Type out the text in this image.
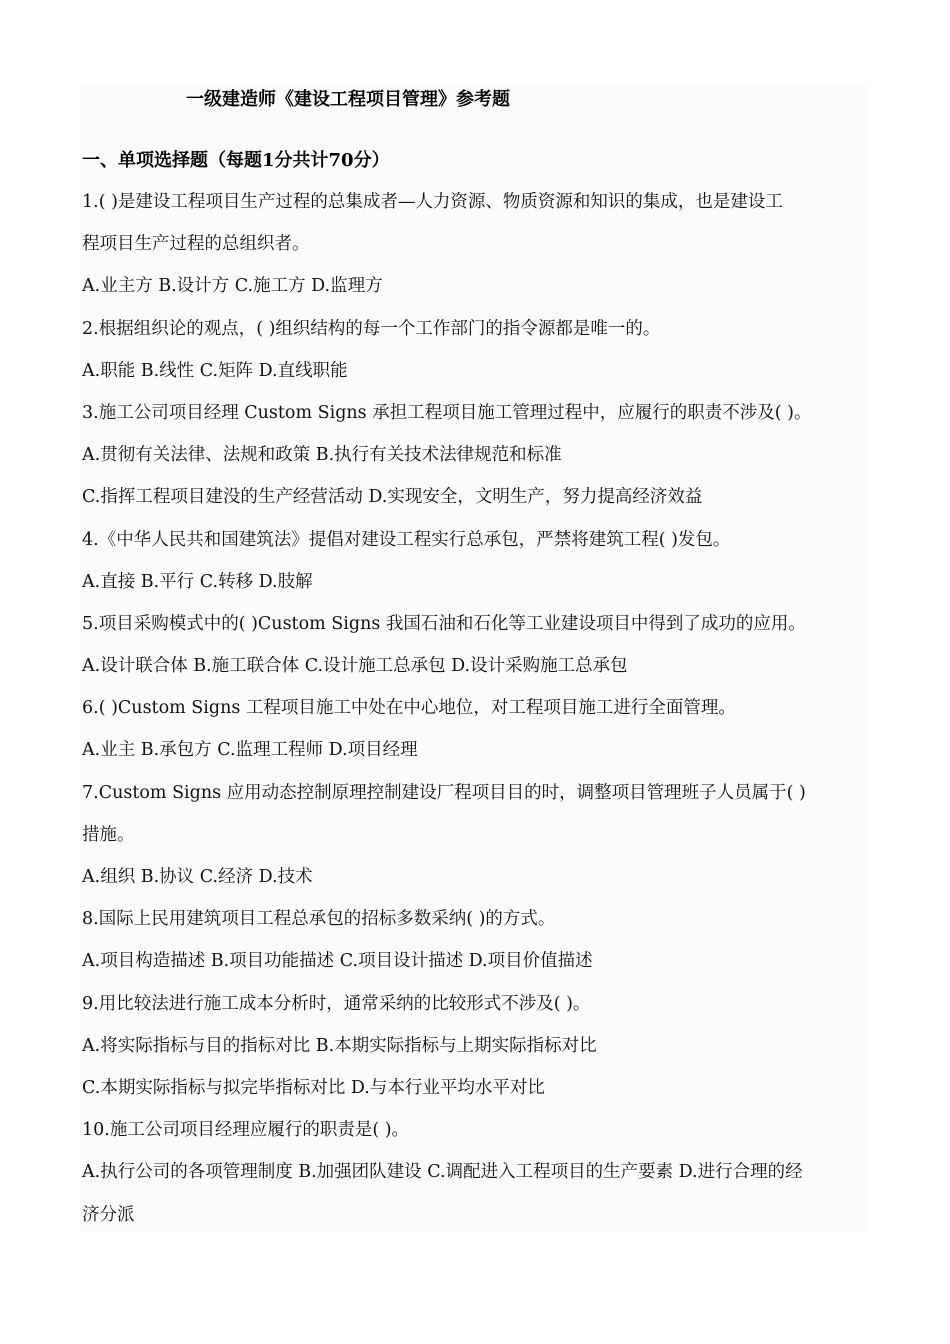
一级建造师《建设工程项目管理》参考题
一、单项选择题（每题1分共计70分）
1.( )是建设工程项目生产过程的总集成者—人力资源、物质资源和知识的集成，也是建设工
程项目生产过程的总组织者。
A.业主方 B.设计方 C.施工方 D.监理方
2.根据组织论的观点，( )组织结构的每一个工作部门的指令源都是唯一的。
A.职能 B.线性 C.矩阵 D.直线职能
3.施工公司项目经理 Custom Signs 承担工程项目施工管理过程中，应履行的职责不涉及( )。
A.贯彻有关法律、法规和政策 B.执行有关技术法律规范和标准
C.指挥工程项目建没的生产经营活动 D.实现安全，文明生产，努力提高经济效益
4.《中华人民共和国建筑法》提倡对建设工程实行总承包，严禁将建筑工程( )发包。
A.直接 B.平行 C.转移 D.肢解
5.项目采购模式中的( )Custom Signs 我国石油和石化等工业建设项目中得到了成功的应用。
A.设计联合体 B.施工联合体 C.设计施工总承包 D.设计采购施工总承包
6.( )Custom Signs 工程项目施工中处在中心地位，对工程项目施工进行全面管理。
A.业主 B.承包方 C.监理工程师 D.项目经理
7.Custom Signs 应用动态控制原理控制建设厂程项目目的时，调整项目管理班子人员属于( )
措施。
A.组织 B.协议 C.经济 D.技术
8.国际上民用建筑项目工程总承包的招标多数采纳( )的方式。
A.项目构造描述 B.项目功能描述 C.项目设计描述 D.项目价值描述
9.用比较法进行施工成本分析时，通常采纳的比较形式不涉及( )。
A.将实际指标与目的指标对比 B.本期实际指标与上期实际指标对比
C.本期实际指标与拟完毕指标对比 D.与本行业平均水平对比
10.施工公司项目经理应履行的职责是( )。
A.执行公司的各项管理制度 B.加强团队建设 C.调配进入工程项目的生产要素 D.进行合理的经
济分派
